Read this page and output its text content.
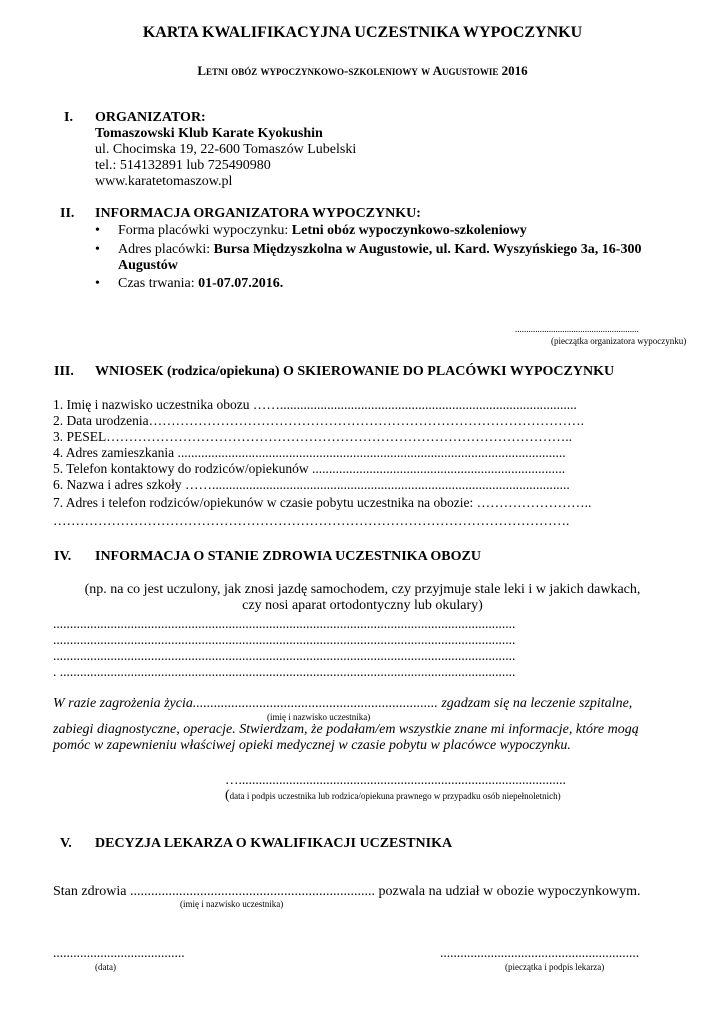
KARTA KWALIFIKACYJNA UCZESTNIKA WYPOCZYNKU
Letni obóz wypoczynkowo-szkoleniowy w Augustowie 2016
I. ORGANIZATOR:
Tomaszowski Klub Karate Kyokushin
ul. Chocimska 19, 22-600 Tomaszów Lubelski
tel.: 514132891 lub 725490980
www.karatetomaszow.pl
II. INFORMACJA ORGANIZATORA WYPOCZYNKU:
• Forma placówki wypoczynku: Letni obóz wypoczynkowo-szkoleniowy
• Adres placówki: Bursa Międzyszkolna w Augustowie, ul. Kard. Wyszyńskiego 3a, 16-300
Augustów
• Czas trwania: 01-07.07.2016.
.......................................................
(pieczątka organizatora wypoczynku)
III. WNIOSEK (rodzica/opiekuna) O SKIEROWANIE DO PLACÓWKI WYPOCZYNKU
1. Imię i nazwisko uczestnika obozu ……........................................................................................
2. Data urodzenia…………………………………………………………………………………….
3. PESEL…………………………………………………………………………………………..
4. Adres zamieszkania ...................................................................................................................
5. Telefon kontaktowy do rodziców/opiekunów ...........................................................................
6. Nazwa i adres szkoły ……..........................................................................................................
7. Adres i telefon rodziców/opiekunów w czasie pobytu uczestnika na obozie: ……………………..
…………………………………………………………………………………………………….
IV. INFORMACJA O STANIE ZDROWIA UCZESTNIKA OBOZU
(np. na co jest uczulony, jak znosi jazdę samochodem, czy przyjmuje stale leki i w jakich dawkach,
czy nosi aparat ortodontyczny lub okulary)
.........................................................................................................................................
.........................................................................................................................................
.........................................................................................................................................
. .......................................................................................................................................
W razie zagrożenia życia...................................................................... zgadzam się na leczenie szpitalne,
(imię i nazwisko uczestnika)
zabiegi diagnostyczne, operacje. Stwierdzam, że podałam/em wszystkie znane mi informacje, które mogą
pomóc w zapewnieniu właściwej opieki medycznej w czasie pobytu w placówce wypoczynku.
….................................................................................................
(data i podpis uczestnika lub rodzica/opiekuna prawnego w przypadku osób niepełnoletnich)
V. DECYZJA LEKARZA O KWALIFIKACJI UCZESTNIKA
Stan zdrowia ...................................................................... pozwala na udział w obozie wypoczynkowym.
(imię i nazwisko uczestnika)
.......................................
(data)
...........................................................
(pieczątka i podpis lekarza)
